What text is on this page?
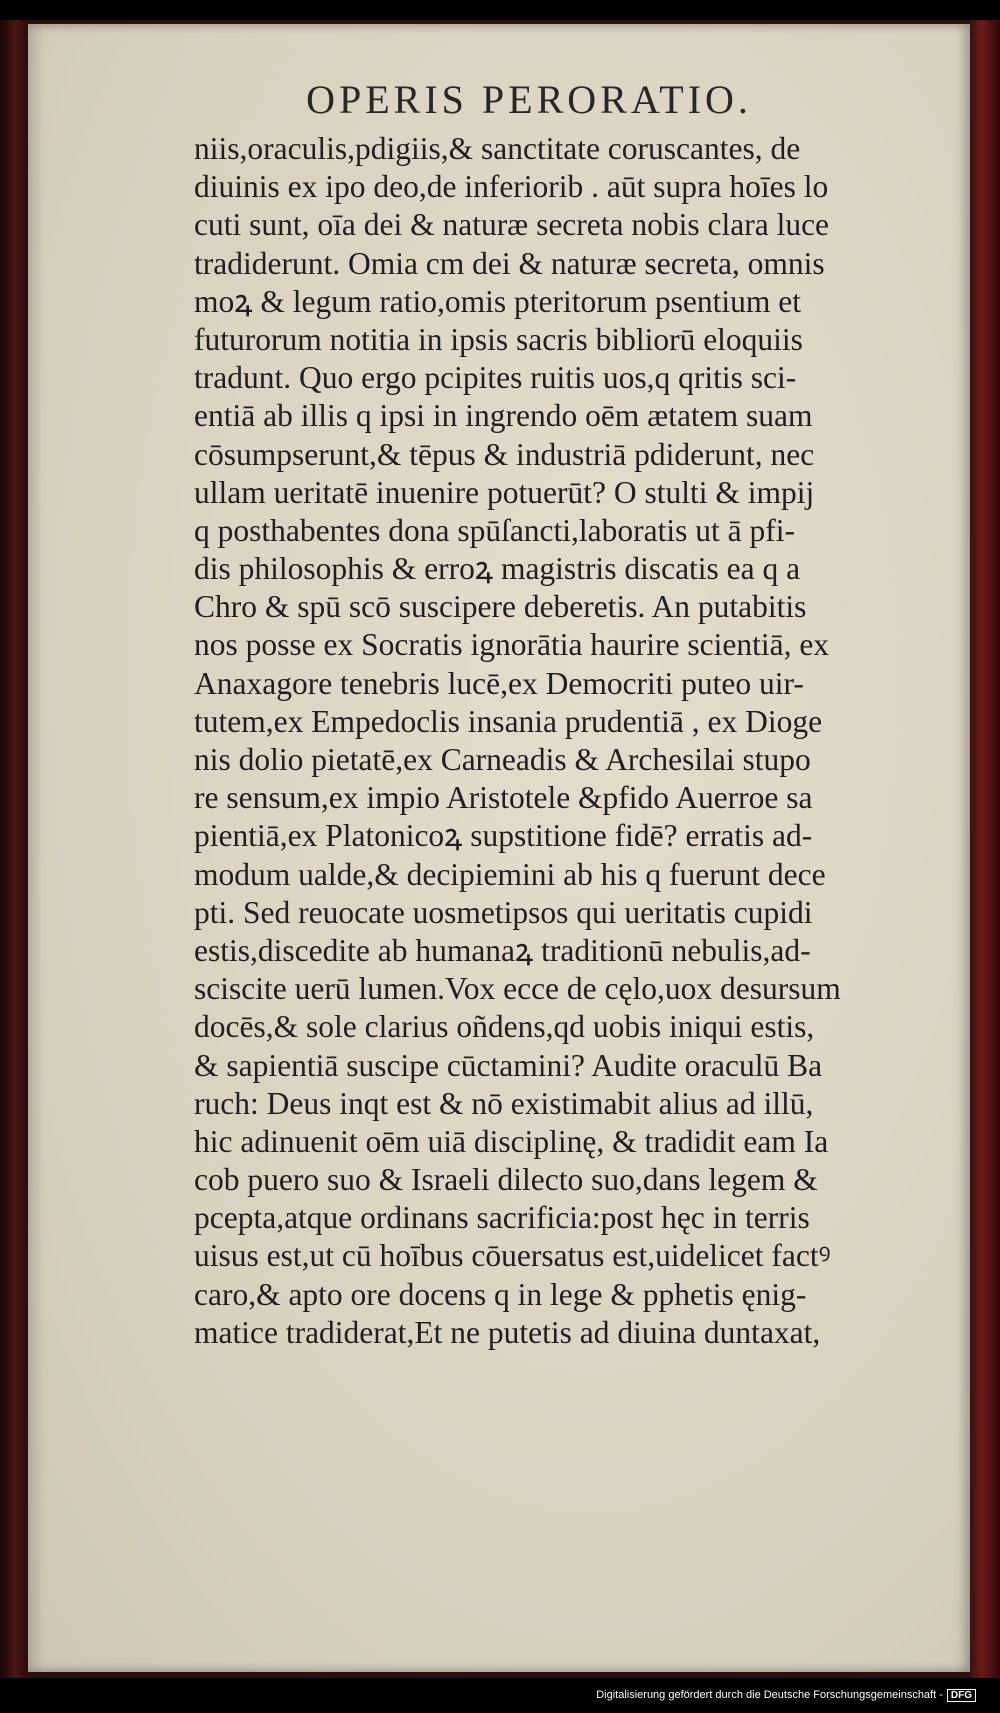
OPERIS PERORATIO.
niis,oraculis,pdigiis,& sanctitate coruscantes, de
diuinis ex ipo deo,de inferiorib . aūt supra hoīes lo
cuti sunt, oīa dei & naturæ secreta nobis clara luce
tradiderunt. Omia cm dei & naturæ secreta, omnis
moꝝ & legum ratio,omis pteritorum psentium et
futurorum notitia in ipsis sacris bibliorū eloquiis
tradunt. Quo ergo pcipites ruitis uos,q qritis sci-
entiā ab illis q ipsi in ingrendo oēm ætatem suam
cōsumpserunt,& tēpus & industriā pdiderunt, nec
ullam ueritatē inuenire potuerūt? O stulti & impij
q posthabentes dona spūſancti,laboratis ut ā pfi-
dis philosophis & erroꝝ magistris discatis ea q a
Chro & spū scō suscipere deberetis. An putabitis
nos posse ex Socratis ignorātia haurire scientiā, ex
Anaxagore tenebris lucē,ex Democriti puteo uir-
tutem,ex Empedoclis insania prudentiā , ex Dioge
nis dolio pietatē,ex Carneadis & Archesilai stupo
re sensum,ex impio Aristotele &pfido Auerroe sa
pientiā,ex Platonicoꝝ supstitione fidē? erratis ad-
modum ualde,& decipiemini ab his q fuerunt dece
pti. Sed reuocate uosmetipsos qui ueritatis cupidi
estis,discedite ab humanaꝝ traditionū nebulis,ad-
sciscite uerū lumen.Vox ecce de cęlo,uox desursum
docēs,& sole clarius oñdens,qd uobis iniqui estis,
& sapientiā suscipe cūctamini? Audite oraculū Ba
ruch: Deus inqt est & nō existimabit alius ad illū,
hic adinuenit oēm uiā disciplinę, & tradidit eam Ia
cob puero suo & Israeli dilecto suo,dans legem &
pcepta,atque ordinans sacrificia:post hęc in terris
uisus est,ut cū hoībus cōuersatus est,uidelicet factꝰ
caro,& apto ore docens q in lege & pphetis ęnig-
matice tradiderat,Et ne putetis ad diuina duntaxat,
Digitalisierung gefördert durch die Deutsche Forschungsgemeinschaft - DFG
